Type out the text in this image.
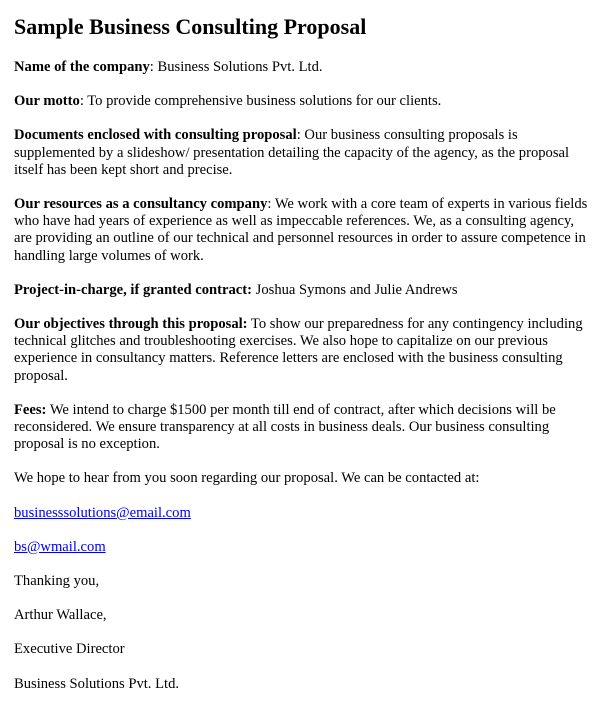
Sample Business Consulting Proposal

Name of the company: Business Solutions Pvt. Ltd.

Our motto: To provide comprehensive business solutions for our clients.

Documents enclosed with consulting proposal: Our business consulting proposals is supplemented by a slideshow/ presentation detailing the capacity of the agency, as the proposal itself has been kept short and precise.

Our resources as a consultancy company: We work with a core team of experts in various fields who have had years of experience as well as impeccable references. We, as a consulting agency, are providing an outline of our technical and personnel resources in order to assure competence in handling large volumes of work.

Project-in-charge, if granted contract: Joshua Symons and Julie Andrews

Our objectives through this proposal: To show our preparedness for any contingency including technical glitches and troubleshooting exercises. We also hope to capitalize on our previous experience in consultancy matters. Reference letters are enclosed with the business consulting proposal.

Fees: We intend to charge $1500 per month till end of contract, after which decisions will be reconsidered. We ensure transparency at all costs in business deals. Our business consulting proposal is no exception.

We hope to hear from you soon regarding our proposal. We can be contacted at:

businesssolutions@email.com

bs@wmail.com

Thanking you,

Arthur Wallace,

Executive Director

Business Solutions Pvt. Ltd.
